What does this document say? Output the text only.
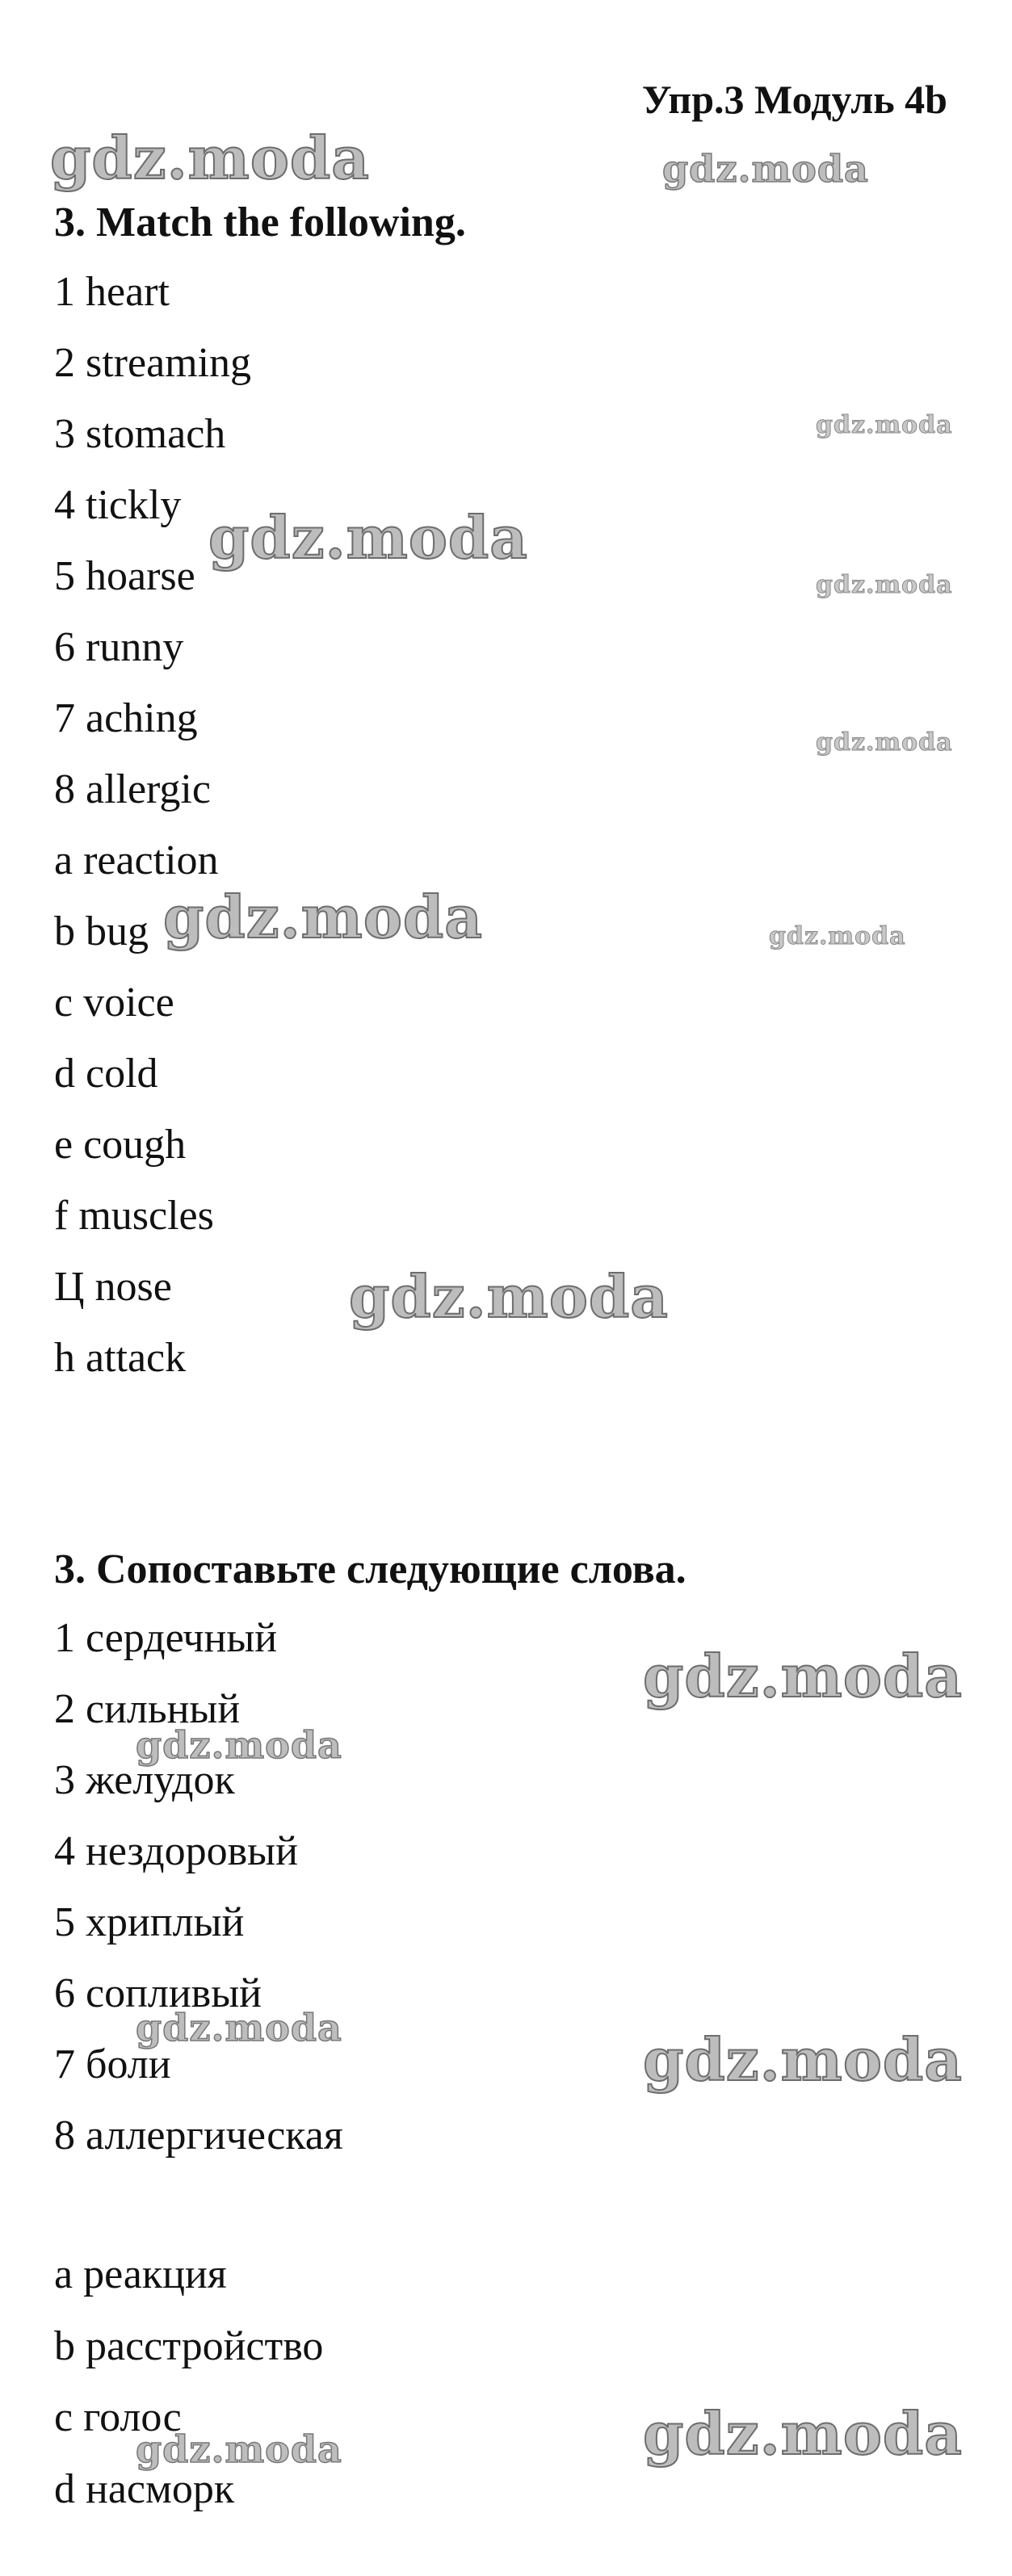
Упр.3 Модуль 4b
3. Match the following.
1 heart
2 streaming
3 stomach
4 tickly
5 hoarse
6 runny
7 aching
8 allergic
a reaction
b bug
c voice
d cold
e cough
f muscles
Ц nose
h attack
3. Сопоставьте следующие слова.
1 сердечный
2 сильный
3 желудок
4 нездоровый
5 хриплый
6 сопливый
7 боли
8 аллергическая
a реакция
b расстройство
c голос
d насморк
gdz.moda	gdz.moda
gdz.moda
gdz.moda
gdz.moda
gdz.moda
gdz.moda	gdz.moda
gdz.moda
gdz.moda
gdz.moda
gdz.moda	gdz.moda
gdz.moda
gdz.moda
